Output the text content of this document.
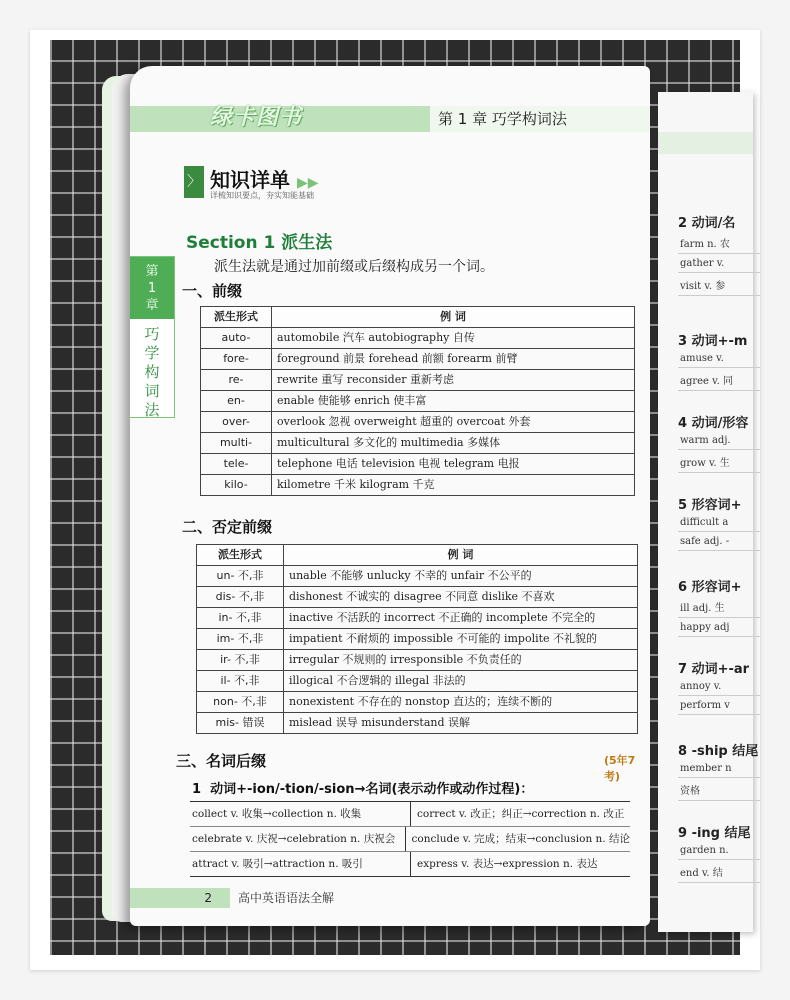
2 动词/名
farm n. 农
gather v.
visit v. 参
3 动词+-m
amuse v.
agree v. 同
4 动词/形容
warm adj.
grow v. 生
5 形容词+
difficult a
safe adj. -
6 形容词+
ill adj. 生
happy adj
7 动词+-ar
annoy v.
perform v
8 -ship 结尾
member n
资格
9 -ing 结尾
garden n.
end v. 结
绿卡图书	第 1 章 巧学构词法
第
1
章
巧学构词法
〉 知识详单 ▶▶
详梳知识要点，夯实知能基础
Section 1 派生法
派生法就是通过加前缀或后缀构成另一个词。
一、前缀
派生形式	例 词
auto-	automobile 汽车 autobiography 自传
fore-	foreground 前景 forehead 前额 forearm 前臂
re-	rewrite 重写 reconsider 重新考虑
en-	enable 使能够 enrich 使丰富
over-	overlook 忽视 overweight 超重的 overcoat 外套
multi-	multicultural 多文化的 multimedia 多媒体
tele-	telephone 电话 television 电视 telegram 电报
kilo-	kilometre 千米 kilogram 千克
二、否定前缀
派生形式	例 词
un- 不,非	unable 不能够 unlucky 不幸的 unfair 不公平的
dis- 不,非	dishonest 不诚实的 disagree 不同意 dislike 不喜欢
in- 不,非	inactive 不活跃的 incorrect 不正确的 incomplete 不完全的
im- 不,非	impatient 不耐烦的 impossible 不可能的 impolite 不礼貌的
ir- 不,非	irregular 不规则的 irresponsible 不负责任的
il- 不,非	illogical 不合逻辑的 illegal 非法的
non- 不,非	nonexistent 不存在的 nonstop 直达的；连续不断的
mis- 错误	mislead 误导 misunderstand 误解
三、名词后缀	(5年7考)
1 动词+-ion/-tion/-sion→名词(表示动作或动作过程)：
collect v. 收集→collection n. 收集	correct v. 改正；纠正→correction n. 改正
celebrate v. 庆祝→celebration n. 庆祝会	conclude v. 完成；结束→conclusion n. 结论
attract v. 吸引→attraction n. 吸引	express v. 表达→expression n. 表达
2	高中英语语法全解
